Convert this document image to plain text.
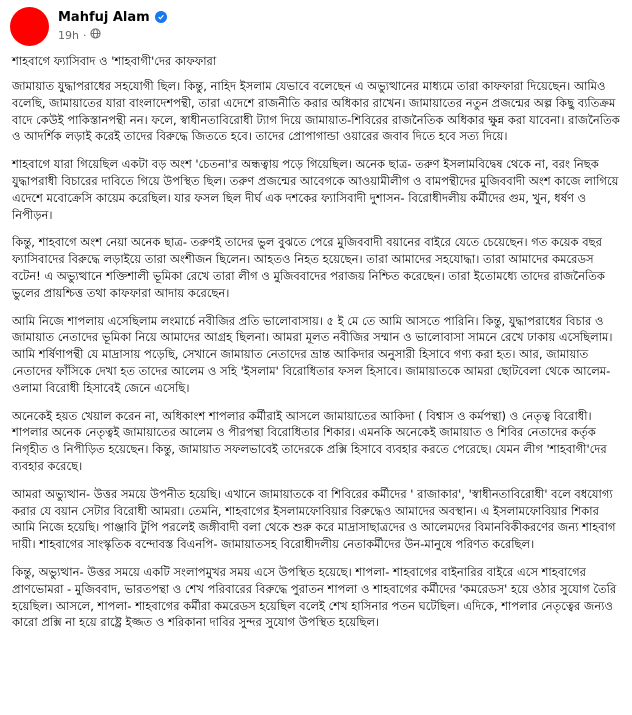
Mahfuj Alam
19h ·
শাহবাগে ফ্যাসিবাদ ও 'শাহবাগী'দের কাফফারা

জামায়াত যুদ্ধাপরাধের সহযোগী ছিল। কিন্তু, নাহিদ ইসলাম যেভাবে বলেছেন এ অভ্যুত্থানের মাধ্যমে তারা কাফফারা দিয়েছেন। আমিও বলেছি, জামায়াতের যারা বাংলাদেশপন্থী, তারা এদেশে রাজনীতি করার অধিকার রাখেন। জামায়াতের নতুন প্রজন্মের অল্প কিছু ব্যতিক্রম বাদে কেউই পাকিস্তানপন্থী নন। ফলে, স্বাধীনতাবিরোধী ট্যাগ দিয়ে জামায়াত-শিবিরের রাজনৈতিক অধিকার ক্ষুন্ন করা যাবেনা। রাজনৈতিক ও আদর্শিক লড়াই করেই তাদের বিরুদ্ধে জিততে হবে। তাদের প্রোপাগান্ডা ওয়ারের জবাব দিতে হবে সত্য দিয়ে।

শাহবাগে যারা গিয়েছিল একটা বড় অংশ 'চেতনা'র অন্ধত্বায় পড়ে গিয়েছিল। অনেক ছাত্র- তরুণ ইসলামবিদ্বেষ থেকে না, বরং নিছক যুদ্ধাপরাধী বিচারের দাবিতে গিয়ে উপস্থিত ছিল। তরুণ প্রজন্মের আবেগকে আওয়ামীলীগ ও বামপন্থীদের মুজিববাদী অংশ কাজে লাগিয়ে এদেশে মবোক্রেসি কায়েম করেছিল। যার ফসল ছিল দীর্ঘ এক দশকের ফ্যাসিবাদী দুশাসন- বিরোধীদলীয় কর্মীদের গুম, খুন, ধর্ষণ ও নিপীড়ন।

কিন্তু, শাহবাগে অংশ নেয়া অনেক ছাত্র- তরুণই তাদের ভুল বুঝতে পেরে মুজিববাদী বয়ানের বাইরে যেতে চেয়েছেন। গত কয়েক বছর ফ্যাসিবাদের বিরুদ্ধে লড়াইয়ে তারা অংশীজন ছিলেন। আহতও নিহত হয়েছেন। তারা আমাদের সহযোদ্ধা। তারা আমাদের কমরেডস বটেন! এ অভ্যুত্থানে শক্তিশালী ভূমিকা রেখে তারা লীগ ও মুজিববাদের পরাজয় নিশ্চিত করেছেন। তারা ইতোমধ্যে তাদের রাজনৈতিক ভুলের প্রায়শ্চিত্ত তথা কাফফারা আদায় করেছেন।

আমি নিজে শাপলায় এসেছিলাম লংমার্চে নবীজির প্রতি ভালোবাসায়। ৫ ই মে তে আমি আসতে পারিনি। কিন্তু, যুদ্ধাপরাধের বিচার ও জামায়াত নেতাদের ভূমিকা নিয়ে আমাদের আগ্রহ ছিলনা। আমরা মূলত নবীজির সম্মান ও ভালোবাসা সামনে রেখে ঢাকায় এসেছিলাম। আমি শর্ষিণাপন্থী যে মাদ্রাসায় পড়েছি, সেখানে জামায়াত নেতাদের ভ্রান্ত আকিদার অনুসারী হিসাবে গণ্য করা হত। আর, জামায়াত নেতাদের ফাঁসিকে দেখা হত তাদের আলেম ও সহি 'ইসলাম' বিরোধিতার ফসল হিসাবে। জামায়াতকে আমরা ছোটবেলা থেকে আলেম- ওলামা বিরোধী হিসাবেই জেনে এসেছি।

অনেকেই হয়ত খেয়াল করেন না, অধিকাংশ শাপলার কর্মীরাই আসলে জামায়াতের আকিদা ( বিশ্বাস ও কর্মপন্থা) ও নেতৃত্ব বিরোধী। শাপলার অনেক নেতৃত্বই জামায়াতের আলেম ও পীরপন্থা বিরোধিতার শিকার। এমনকি অনেকেই জামায়াত ও শিবির নেতাদের কর্তৃক নিগৃহীত ও নিপীড়িত হয়েছেন। কিন্তু, জামায়াত সফলভাবেই তাদেরকে প্রক্সি হিসাবে ব্যবহার করতে পেরেছে। যেমন লীগ 'শাহবাগী'দের ব্যবহার করেছে।

আমরা অভ্যুত্থান- উত্তর সময়ে উপনীত হয়েছি। এখানে জামায়াতকে বা শিবিরের কর্মীদের ' রাজাকার', 'স্বাধীনতাবিরোধী' বলে বধযোগ্য করার যে বয়ান সেটার বিরোধী আমরা। তেমনি, শাহবাগের ইসলামফোবিয়ার বিরুদ্ধেও আমাদের অবস্থান। এ ইসলামফোবিয়ার শিকার আমি নিজে হয়েছি। পাঞ্জাবি টুপি পরলেই জঙ্গীবাদী বলা থেকে শুরু করে মাদ্রাসাছাত্রদের ও আলেমদের বিমানবিকীকরণের জন্য শাহবাগ দায়ী। শাহবাগের সাংস্কৃতিক বন্দোবস্ত বিএনপি- জামায়াতসহ বিরোধীদলীয় নেতাকর্মীদের উন-মানুষে পরিণত করেছিল।

কিন্তু, অভ্যুত্থান- উত্তর সময়ে একটি সংলাপমুখর সময় এসে উপস্থিত হয়েছে। শাপলা- শাহবাগের বাইনারির বাইরে এসে শাহবাগের প্রাণভোমরা - মুজিববাদ, ভারতপন্থা ও শেখ পরিবারের বিরুদ্ধে পুরাতন শাপলা ও শাহবাগের কর্মীদের 'কমরেডস' হয়ে ওঠার সুযোগ তৈরি হয়েছিল। আসলে, শাপলা- শাহবাগের কর্মীরা কমরেডস হয়েছিল বলেই শেখ হাসিনার পতন ঘটেছিল। এদিকে, শাপলার নেতৃত্বের জন্যও কারো প্রক্সি না হয়ে রাষ্ট্রে ইজ্জত ও শরিকানা দাবির সুন্দর সুযোগ উপস্থিত হয়েছিল।
